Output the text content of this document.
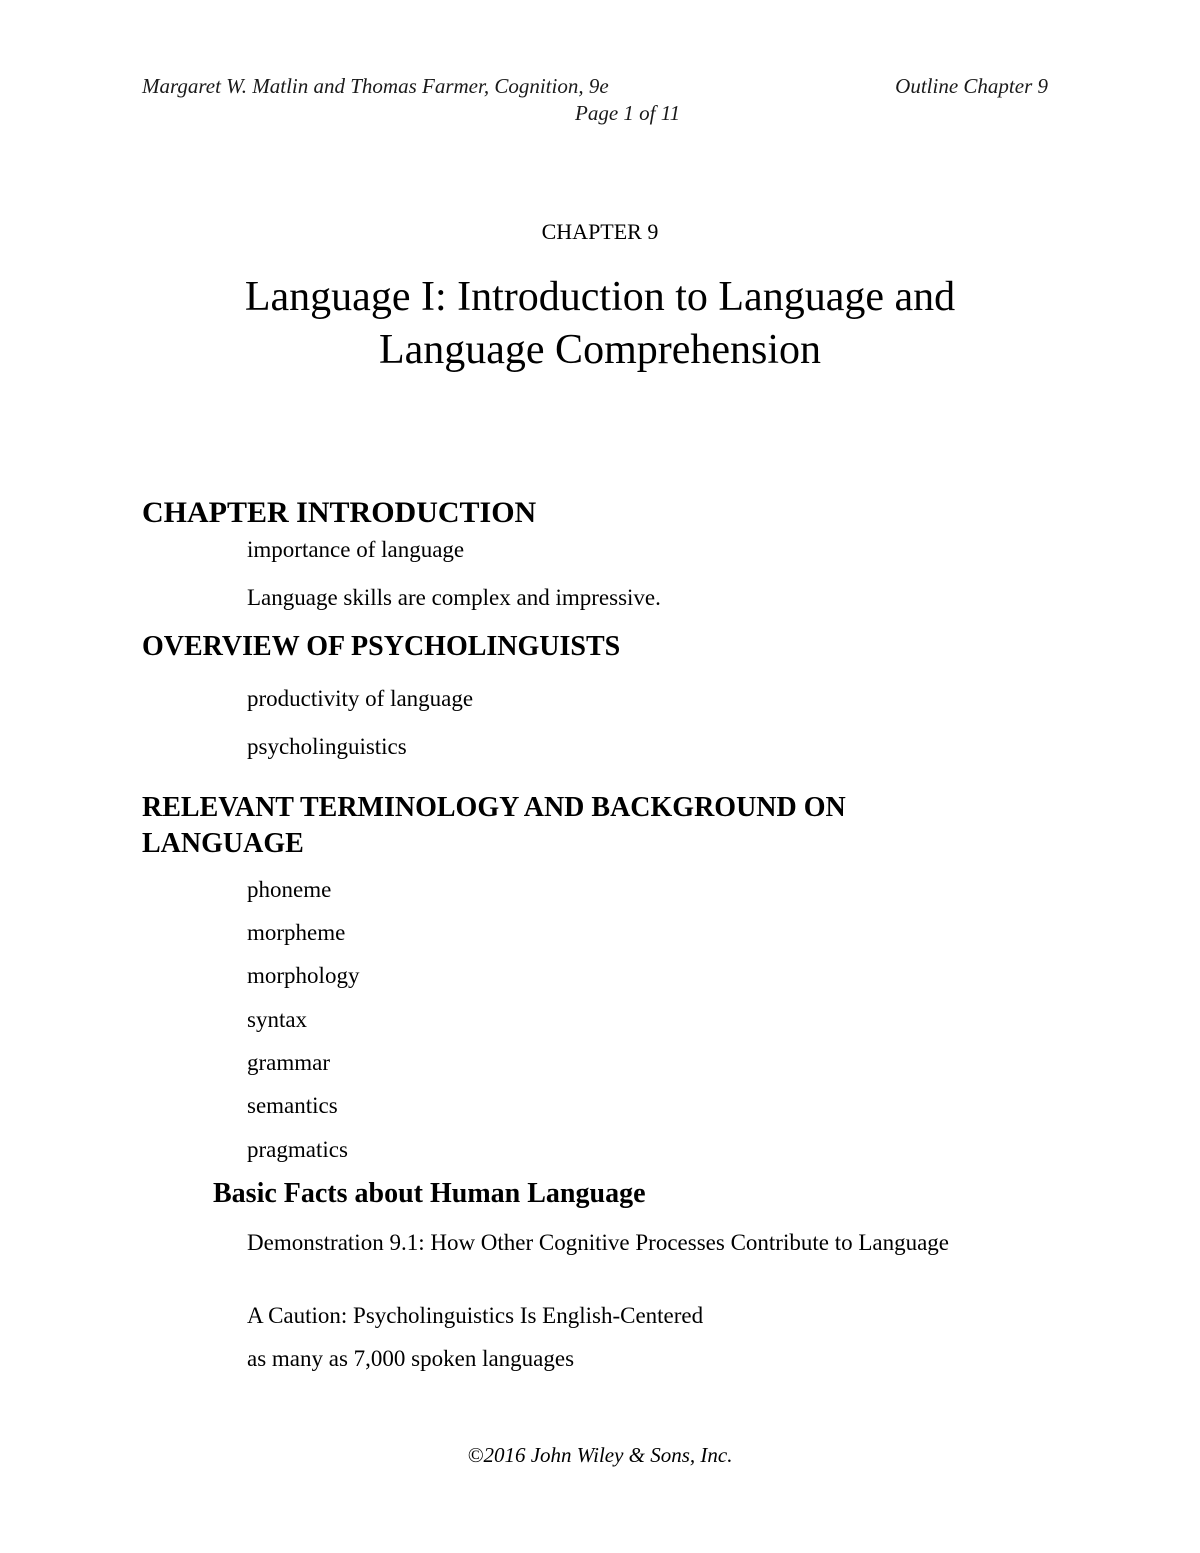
Margaret W. Matlin and Thomas Farmer, Cognition, 9e	Outline Chapter 9
Page 1 of 11
CHAPTER 9
Language I: Introduction to Language and
Language Comprehension
CHAPTER INTRODUCTION
importance of language
Language skills are complex and impressive.
OVERVIEW OF PSYCHOLINGUISTS
productivity of language
psycholinguistics
RELEVANT TERMINOLOGY AND BACKGROUND ON LANGUAGE
phoneme
morpheme
morphology
syntax
grammar
semantics
pragmatics
Basic Facts about Human Language
Demonstration 9.1: How Other Cognitive Processes Contribute to Language
A Caution: Psycholinguistics Is English-Centered
as many as 7,000 spoken languages
©2016 John Wiley & Sons, Inc.
